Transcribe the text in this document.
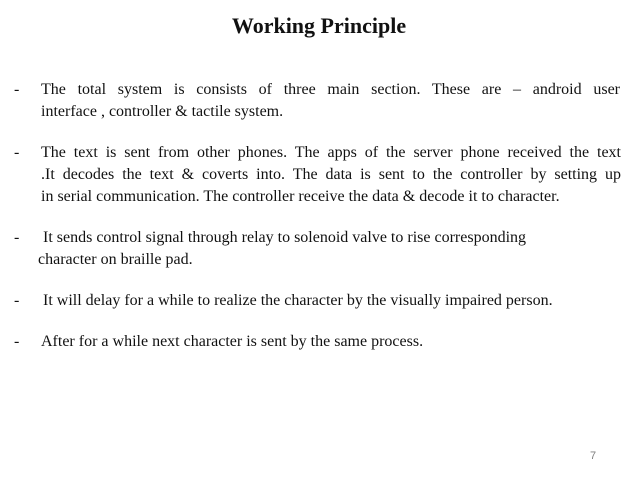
Working Principle
- The total system is consists of three main section. These are – android user
interface , controller & tactile system.
- The text is sent from other phones. The apps of the server phone received the text
.It decodes the text & coverts into. The data is sent to the controller by setting up
in serial communication. The controller receive the data & decode it to character.
- It sends control signal through relay to solenoid valve to rise corresponding
character on braille pad.
- It will delay for a while to realize the character by the visually impaired person.
- After for a while next character is sent by the same process.
7
